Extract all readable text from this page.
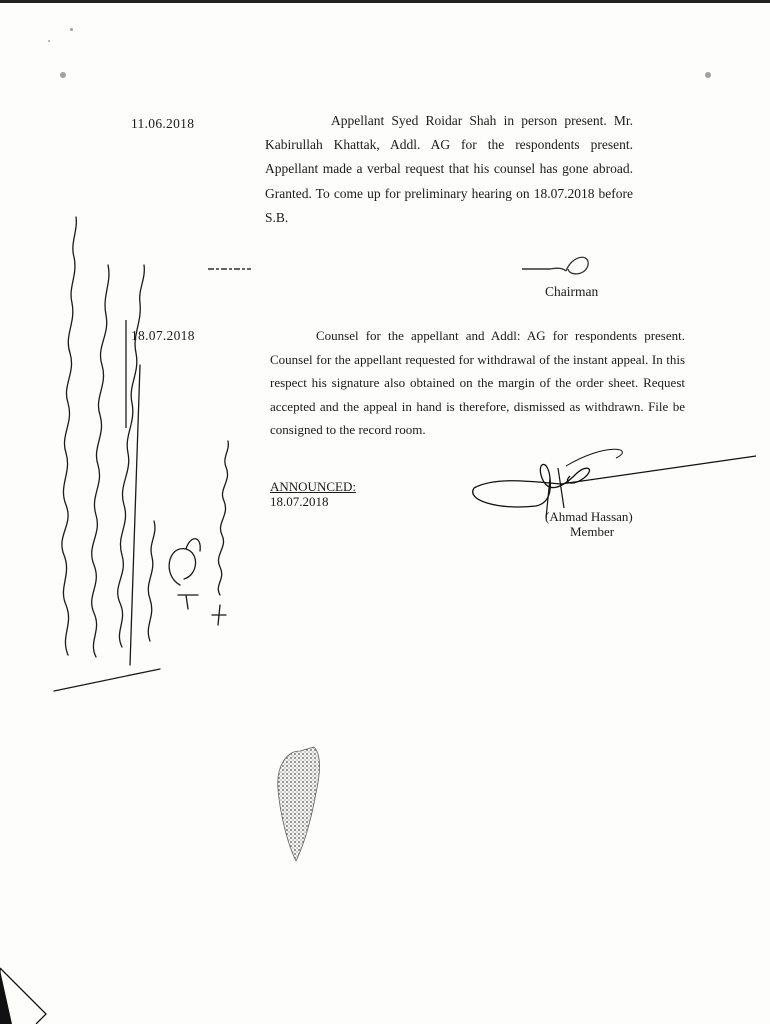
11.06.2018	Appellant Syed Roidar Shah in person present. Mr. Kabirullah Khattak, Addl. AG for the respondents present. Appellant made a verbal request that his counsel has gone abroad. Granted. To come up for preliminary hearing on 18.07.2018 before S.B.

Chairman
18.07.2018	Counsel for the appellant and Addl: AG for respondents present. Counsel for the appellant requested for withdrawal of the instant appeal. In this respect his signature also obtained on the margin of the order sheet. Request accepted and the appeal in hand is therefore, dismissed as withdrawn. File be consigned to the record room.

ANNOUNCED:
18.07.2018
(Ahmad Hassan)
Member
